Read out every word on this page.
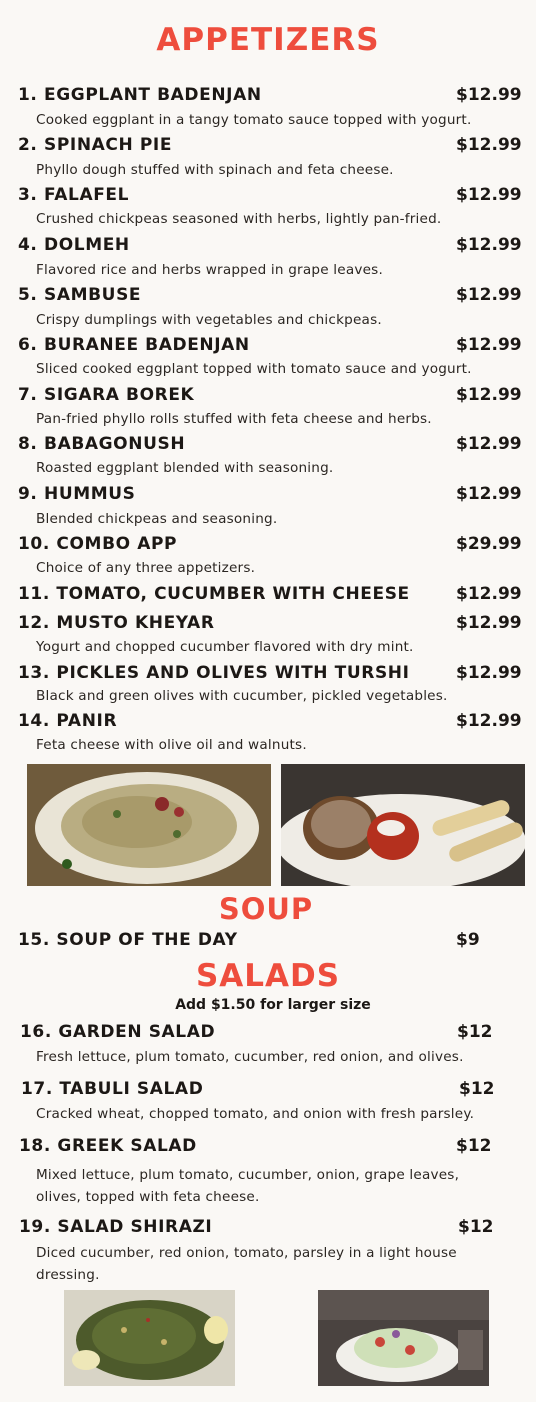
APPETIZERS
1. EGGPLANT BADENJAN	$12.99
Cooked eggplant in a tangy tomato sauce topped with yogurt.
2. SPINACH PIE	$12.99
Phyllo dough stuffed with spinach and feta cheese.
3. FALAFEL	$12.99
Crushed chickpeas seasoned with herbs, lightly pan-fried.
4. DOLMEH	$12.99
Flavored rice and herbs wrapped in grape leaves.
5. SAMBUSE	$12.99
Crispy dumplings with vegetables and chickpeas.
6. BURANEE BADENJAN	$12.99
Sliced cooked eggplant topped with tomato sauce and yogurt.
7. SIGARA BOREK	$12.99
Pan-fried phyllo rolls stuffed with feta cheese and herbs.
8. BABAGONUSH	$12.99
Roasted eggplant blended with seasoning.
9. HUMMUS	$12.99
Blended chickpeas and seasoning.
10. COMBO APP	$29.99
Choice of any three appetizers.
11. TOMATO, CUCUMBER WITH CHEESE	$12.99
12. MUSTO KHEYAR	$12.99
Yogurt and chopped cucumber flavored with dry mint.
13. PICKLES AND OLIVES WITH TURSHI	$12.99
Black and green olives with cucumber, pickled vegetables.
14. PANIR	$12.99
Feta cheese with olive oil and walnuts.
SOUP
15. SOUP OF THE DAY	$9
SALADS
Add $1.50 for larger size
16. GARDEN SALAD	$12
Fresh lettuce, plum tomato, cucumber, red onion, and olives.
17. TABULI SALAD	$12
Cracked wheat, chopped tomato, and onion with fresh parsley.
18. GREEK SALAD	$12
Mixed lettuce, plum tomato, cucumber, onion, grape leaves, olives, topped with feta cheese.
19. SALAD SHIRAZI	$12
Diced cucumber, red onion, tomato, parsley in a light house dressing.
